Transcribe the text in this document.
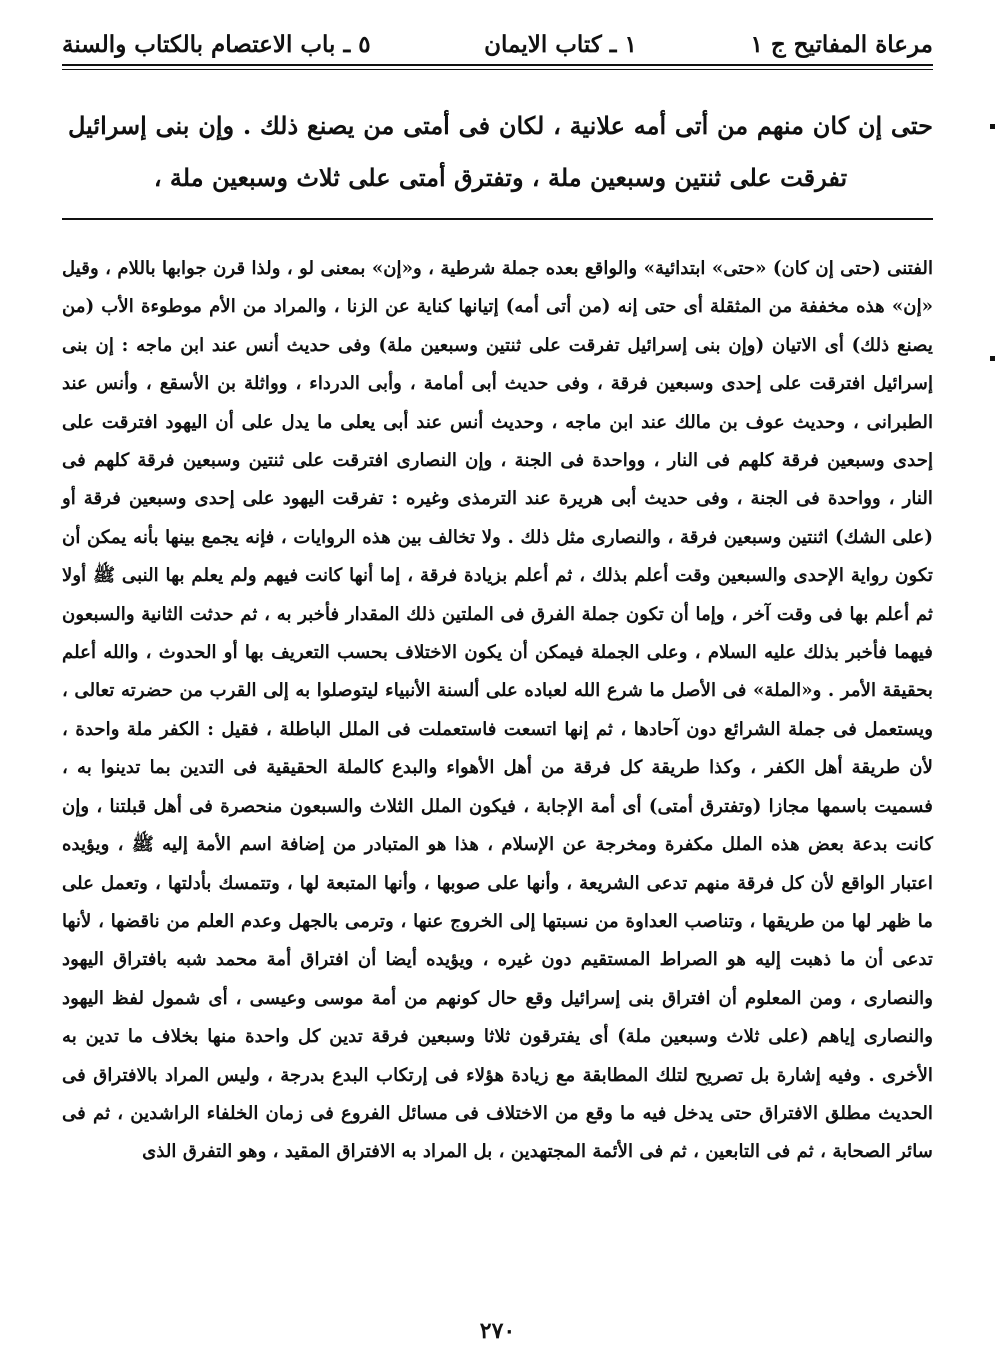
مرعاة المفاتيح ج ١
١ ـ كتاب الايمان
٥ ـ باب الاعتصام بالكتاب والسنة

حتى إن كان منهم من أتى أمه علانية ، لكان فى أمتى من يصنع ذلك . وإن بنى إسرائيل تفرقت على ثنتين وسبعين ملة ، وتفترق أمتى على ثلاث وسبعين ملة ،

الفتنى (حتى إن كان) «حتى» ابتدائية» والواقع بعده جملة شرطية ، و«إن» بمعنى لو ، ولذا قرن جوابها باللام ، وقيل «إن» هذه مخففة من المثقلة أى حتى إنه (من أتى أمه) إتيانها كناية عن الزنا ، والمراد من الأم موطوءة الأب (من يصنع ذلك) أى الاتيان (وإن بنى إسرائيل تفرقت على ثنتين وسبعين ملة) وفى حديث أنس عند ابن ماجه : إن بنى إسرائيل افترقت على إحدى وسبعين فرقة ، وفى حديث أبى أمامة ، وأبى الدرداء ، وواثلة بن الأسقع ، وأنس عند الطبرانى ، وحديث عوف بن مالك عند ابن ماجه ، وحديث أنس عند أبى يعلى ما يدل على أن اليهود افترقت على إحدى وسبعين فرقة كلهم فى النار ، وواحدة فى الجنة ، وإن النصارى افترقت على ثنتين وسبعين فرقة كلهم فى النار ، وواحدة فى الجنة ، وفى حديث أبى هريرة عند الترمذى وغيره : تفرقت اليهود على إحدى وسبعين فرقة أو (على الشك) اثنتين وسبعين فرقة ، والنصارى مثل ذلك . ولا تخالف بين هذه الروايات ، فإنه يجمع بينها بأنه يمكن أن تكون رواية الإحدى والسبعين وقت أعلم بذلك ، ثم أعلم بزيادة فرقة ، إما أنها كانت فيهم ولم يعلم بها النبى ﷺ أولا ثم أعلم بها فى وقت آخر ، وإما أن تكون جملة الفرق فى الملتين ذلك المقدار فأخبر به ، ثم حدثت الثانية والسبعون فيهما فأخبر بذلك عليه السلام ، وعلى الجملة فيمكن أن يكون الاختلاف بحسب التعريف بها أو الحدوث ، والله أعلم بحقيقة الأمر . و«الملة» فى الأصل ما شرع الله لعباده على ألسنة الأنبياء ليتوصلوا به إلى القرب من حضرته تعالى ، ويستعمل فى جملة الشرائع دون آحادها ، ثم إنها اتسعت فاستعملت فى الملل الباطلة ، فقيل : الكفر ملة واحدة ، لأن طريقة أهل الكفر ، وكذا طريقة كل فرقة من أهل الأهواء والبدع كالملة الحقيقية فى التدين بما تدينوا به ، فسميت باسمها مجازا (وتفترق أمتى) أى أمة الإجابة ، فيكون الملل الثلاث والسبعون منحصرة فى أهل قبلتنا ، وإن كانت بدعة بعض هذه الملل مكفرة ومخرجة عن الإسلام ، هذا هو المتبادر من إضافة اسم الأمة إليه ﷺ ، ويؤيده اعتبار الواقع لأن كل فرقة منهم تدعى الشريعة ، وأنها على صوبها ، وأنها المتبعة لها ، وتتمسك بأدلتها ، وتعمل على ما ظهر لها من طريقها ، وتناصب العداوة من نسبتها إلى الخروج عنها ، وترمى بالجهل وعدم العلم من ناقضها ، لأنها تدعى أن ما ذهبت إليه هو الصراط المستقيم دون غيره ، ويؤيده أيضا أن افتراق أمة محمد شبه بافتراق اليهود والنصارى ، ومن المعلوم أن افتراق بنى إسرائيل وقع حال كونهم من أمة موسى وعيسى ، أى شمول لفظ اليهود والنصارى إياهم (على ثلاث وسبعين ملة) أى يفترقون ثلاثا وسبعين فرقة تدين كل واحدة منها بخلاف ما تدين به الأخرى . وفيه إشارة بل تصريح لتلك المطابقة مع زيادة هؤلاء فى إرتكاب البدع بدرجة ، وليس المراد بالافتراق فى الحديث مطلق الافتراق حتى يدخل فيه ما وقع من الاختلاف فى مسائل الفروع فى زمان الخلفاء الراشدين ، ثم فى سائر الصحابة ، ثم فى التابعين ، ثم فى الأئمة المجتهدين ، بل المراد به الافتراق المقيد ، وهو التفرق الذى

٢٧٠
